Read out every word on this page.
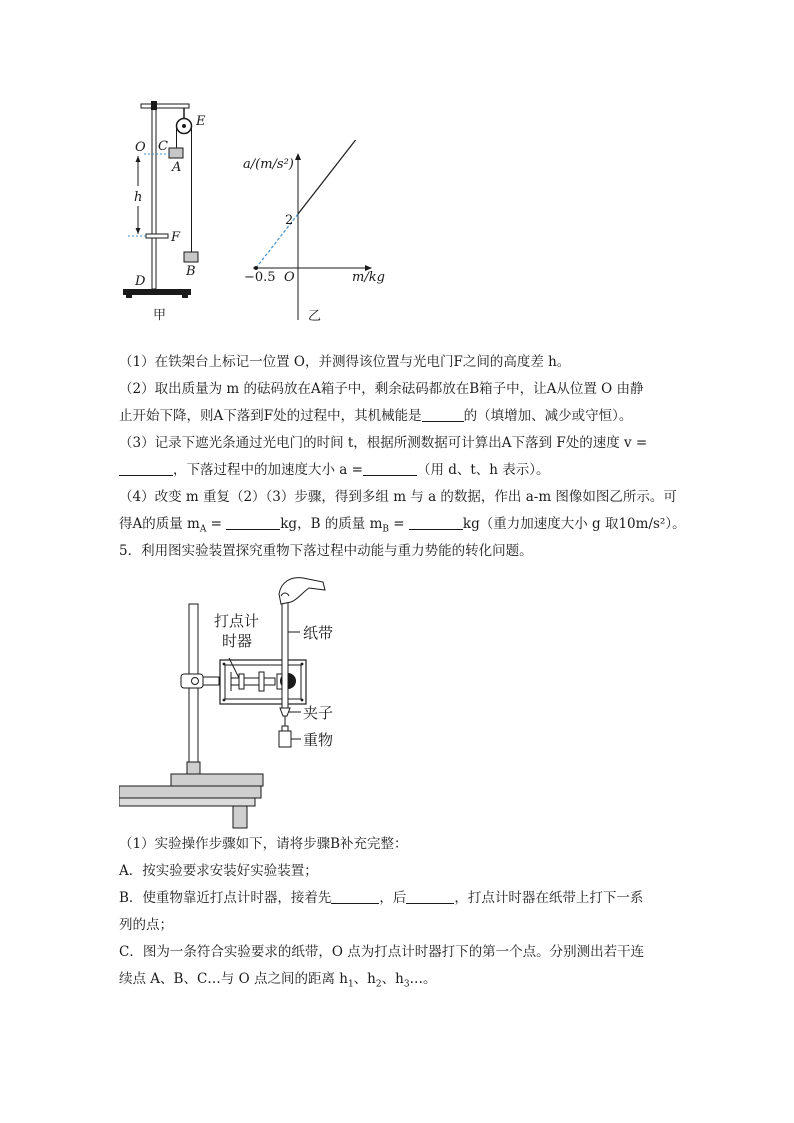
E
O C
A
h
F
B
D
甲
a/(m/s²)
m/kg
O
−0.5
2
乙
（1）在铁架台上标记一位置 O，并测得该位置与光电门F之间的高度差 h。
（2）取出质量为 m 的砝码放在A箱子中，剩余砝码都放在B箱子中，让A从位置 O 由静
止开始下降，则A下落到F处的过程中，其机械能是	的（填增加、减少或守恒）。
（3）记录下遮光条通过光电门的时间 t，根据所测数据可计算出A下落到 F处的速度 v =
，下落过程中的加速度大小 a =	（用 d、t、h 表示）。
（4）改变 m 重复（2）（3）步骤，得到多组 m 与 a 的数据，作出 a-m 图像如图乙所示。可
得A的质量 $m_A$ =	kg，B 的质量 $m_B$ =	kg（重力加速度大小 g 取10m/s²）。
5．利用图实验装置探究重物下落过程中动能与重力势能的转化问题。
打点计
时器	纸带
夹子
重物
（1）实验操作步骤如下，请将步骤B补充完整：
A．按实验要求安装好实验装置；
B．使重物靠近打点计时器，接着先	，后	，打点计时器在纸带上打下一系
列的点；
C．图为一条符合实验要求的纸带，O 点为打点计时器打下的第一个点。分别测出若干连
续点 A、B、C…与 O 点之间的距离 $h_1$、$h_2$、$h_3\dots$。
